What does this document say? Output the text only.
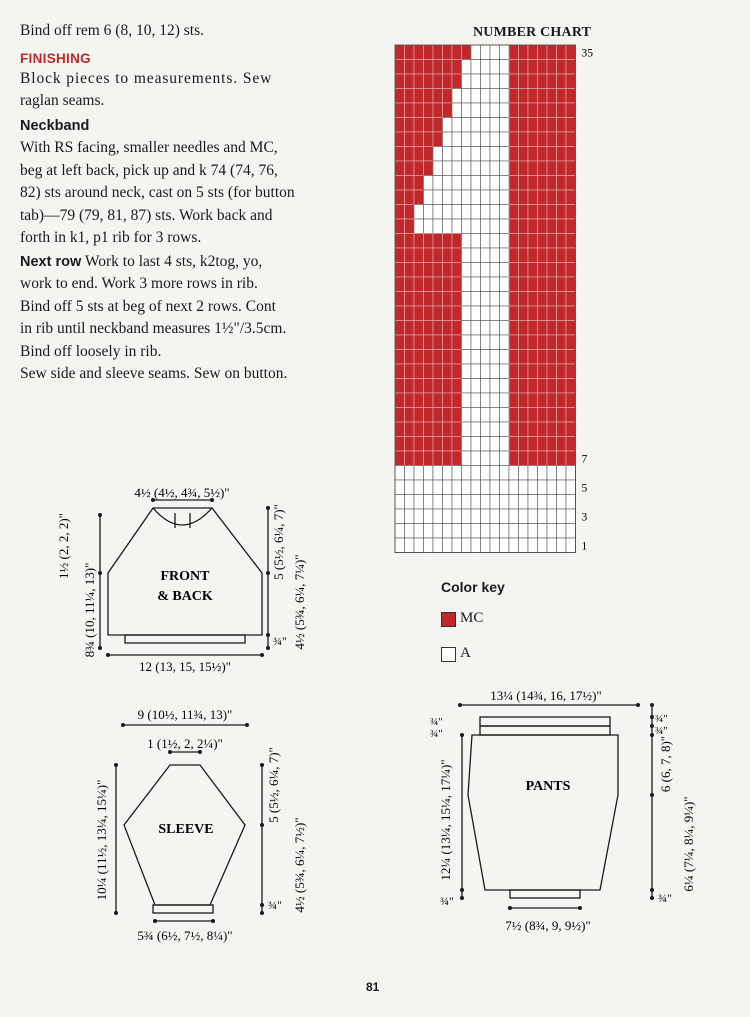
Bind off rem 6 (8, 10, 12) sts.

FINISHING

Block pieces to measurements. Sew

raglan seams.

Neckband

With RS facing, smaller needles and MC,

beg at left back, pick up and k 74 (74, 76,

82) sts around neck, cast on 5 sts (for button

tab)—79 (79, 81, 87) sts. Work back and

forth in k1, p1 rib for 3 rows.

Next row Work to last 4 sts, k2tog, yo,

work to end. Work 3 more rows in rib.

Bind off 5 sts at beg of next 2 rows. Cont

in rib until neckband measures 1½"/3.5cm.

Bind off loosely in rib.

Sew side and sleeve seams. Sew on button.

NUMBER CHART
35
7
5
3
1
Color key
MC
A
4½ (4½, 4¾, 5½)"
FRONT
& BACK
1½ (2, 2, 2)"
8¾ (10, 11¼, 13)"
5 (5½, 6¼, 7)"
4½ (5¾, 6¼, 7¼)"
¾"
12 (13, 15, 15½)"
9 (10½, 11¾, 13)"
1 (1½, 2, 2¼)"
SLEEVE
10¼ (11½, 13¼, 15¼)"	5 (5½, 6¼, 7)"
4½ (5¾, 6¼, 7½)"
¾"
5¾ (6½, 7½, 8¼)"
13¼ (14¾, 16, 17½)"
¾"
¾"
¾"
¾"
PANTS
12¼ (13¼, 15¼, 17¼)"
¾"
6 (6, 7, 8)"
6¼ (7¼, 8¼, 9¼)"
¾"
7½ (8¾, 9, 9½)"
81
